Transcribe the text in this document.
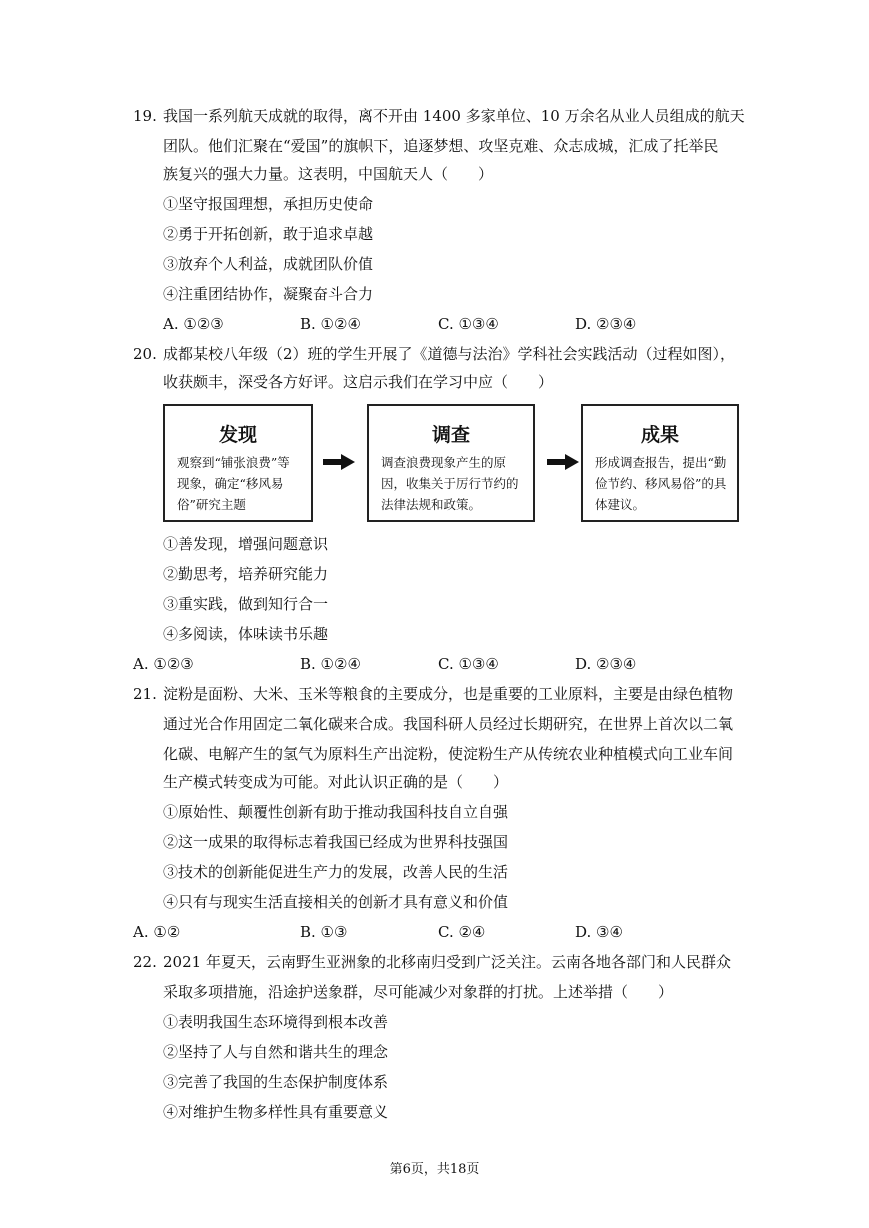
19. 我国一系列航天成就的取得，离不开由 1400 多家单位、10 万余名从业人员组成的航天
团队。他们汇聚在“爱国”的旗帜下，追逐梦想、攻坚克难、众志成城，汇成了托举民
族复兴的强大力量。这表明，中国航天人（　　）
①坚守报国理想，承担历史使命
②勇于开拓创新，敢于追求卓越
③放弃个人利益，成就团队价值
④注重团结协作，凝聚奋斗合力
A. ①②③	B. ①②④	C. ①③④	D. ②③④
20. 成都某校八年级（2）班的学生开展了《道德与法治》学科社会实践活动（过程如图），
收获颇丰，深受各方好评。这启示我们在学习中应（　　）
发现
观察到“铺张浪费”等现象，确定“移风易俗”研究主题
调查
调查浪费现象产生的原因，收集关于厉行节约的法律法规和政策。
成果
形成调查报告，提出“勤俭节约、移风易俗”的具体建议。
①善发现，增强问题意识
②勤思考，培养研究能力
③重实践，做到知行合一
④多阅读，体味读书乐趣
A. ①②③	B. ①②④	C. ①③④	D. ②③④
21. 淀粉是面粉、大米、玉米等粮食的主要成分，也是重要的工业原料，主要是由绿色植物
通过光合作用固定二氧化碳来合成。我国科研人员经过长期研究，在世界上首次以二氧
化碳、电解产生的氢气为原料生产出淀粉，使淀粉生产从传统农业种植模式向工业车间
生产模式转变成为可能。对此认识正确的是（　　）
①原始性、颠覆性创新有助于推动我国科技自立自强
②这一成果的取得标志着我国已经成为世界科技强国
③技术的创新能促进生产力的发展，改善人民的生活
④只有与现实生活直接相关的创新才具有意义和价值
A. ①②	B. ①③	C. ②④	D. ③④
22. 2021 年夏天，云南野生亚洲象的北移南归受到广泛关注。云南各地各部门和人民群众
采取多项措施，沿途护送象群，尽可能减少对象群的打扰。上述举措（　　）
①表明我国生态环境得到根本改善
②坚持了人与自然和谐共生的理念
③完善了我国的生态保护制度体系
④对维护生物多样性具有重要意义
第6页，共18页
